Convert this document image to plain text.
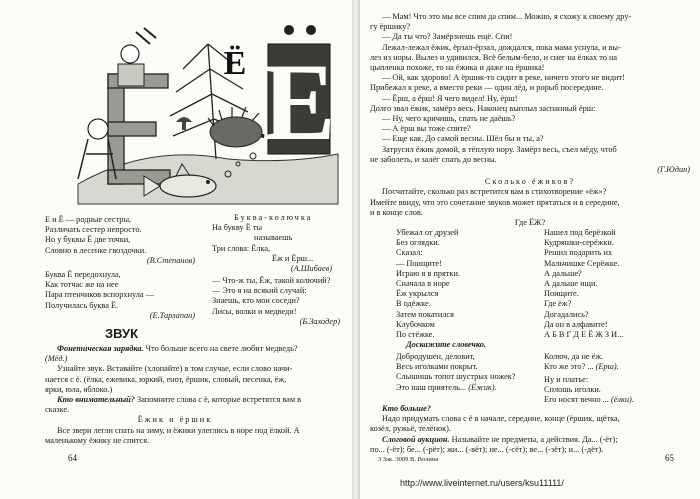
Е
Ё
Е и Ё — родные сестры,
Различать сестер непросто.
Но у буквы Ё две точки,
Словно в лесенке гвоздочки.
(В.Степанов)
Буква-колючка
На букву Ё ты
называешь
Три слова: Ёлка,
Ёж и Ёрш...
(А.Шибаев)
Буква Ё передохнула,
Как тотчас же на нее
Пара птенчиков вспорхнула —
Получилась буква Ё.
(Е.Тарлапан)
— Что-ж ты, Ёж, такой колючий?
— Это я на всякий случай:
Знаешь, кто мои соседи?
Лисы, волки и медведи!
(Б.Заходер)
ЗВУК
Фонетическая зарядка. Что больше всего на свете любит медведь?
(Мёд.)
Узнайте звук. Вставайте (хлопайте) в том случае, если слово начи-
нается с ё. (ёлка, ежевика, юркий, енот, ёршик, словый, песенка, ёж,
ярки, юла, яблоко.)
Кто внимательный? Запомните слова с ё, которые встретятся вам в
сказке.
Ёжик и ёршик
Все звери легли спать на зиму, и ёжики улеглись в норе под ёлкой. А
маленькому ёжику не спится.
64
— Мам! Что это мы все спим да спим... Можно, я схожу к своему дру-
гу ёршику?
— Да ты что? Замёрзнешь ещё. Спи!
Лежал-лежал ёжик, ёрзал-ёрзал, дождался, пока мама уснула, и вы-
лез из норы. Вылез и удивился. Всё белым-бело, и снег на ёлках то на
цыпленка похоже, то на ёжика и даже на ёршика!
— Ой, как здорово! А ёршик-то сидит в реке, ничего этого не видит!
Прибежал к реке, а вместо реки — один лёд, и рорыб посередине.
— Ёрш, а ёрш! Я чего видел! Ну, ёрш!
Долго звал ёжик, замёрз весь. Наконец выплыл заспанный ёрш:
— Ну, чего кричишь, спать не даёшь?
— А ёрш вы тоже спите?
— Еще как. До самой весны. Шёл бы и ты, а?
Затрусил ёжик домой, в тёплую нору. Замёрз весь, съел мёду, чтоб
не заболеть, и залёг спать до весны.
(Г.Юдин)
Сколько ёжиков?
Посчитайте, сколько раз встретится вам в стихотворение «ёж»?
Имейте ввиду, что это сочетание звуков может прятаться и в середине,
и в конце слов.
Где ЁЖ?
Убежал от друзей
Без оглядки.
Сказал:
— Поищите!
Играю я в прятки.
Сначала в норе
Ёж укрылся
В одёжке.
Затем покатился
Клубочком
По стёжке.
Нашел под берёзкой
Кудряшки-серёжки.
Решил подарить их
Мальчишке Серёжке.
А дальше?
А дальше ищи.
Поищите.
Где ёж?
Догадались?
Да он в алфавите!
А Б В Г Д Е Ё Ж З И...
Доскажите словечко.
Добродушен, деловит,
Весь иголками покрыт.
Слышишь топот шустрых ножек?
Это наш приятель... (Ёжик).
Колюч, да не ёж.
Кто же это? ... (Ерш).
Ну и платье:
Сплошь иголки.
Его носят вечно ... (ёлки).
Кто больше?
Надо придумать слова с ё в начале, середине, конце (ёршик, щётка,
козёл, ружьё, телёнок).
Слоговой аукцион. Называйте не предметы, а действия. Да... (-ёт);
по... (-ёт); бе... (-рёт); жи... (-вёт); не... (-сёт); ве... (-зёт); и... (-дёт).
3 Зак. 3009 В. Волина	65
http://www.liveinternet.ru/users/ksu11111/
